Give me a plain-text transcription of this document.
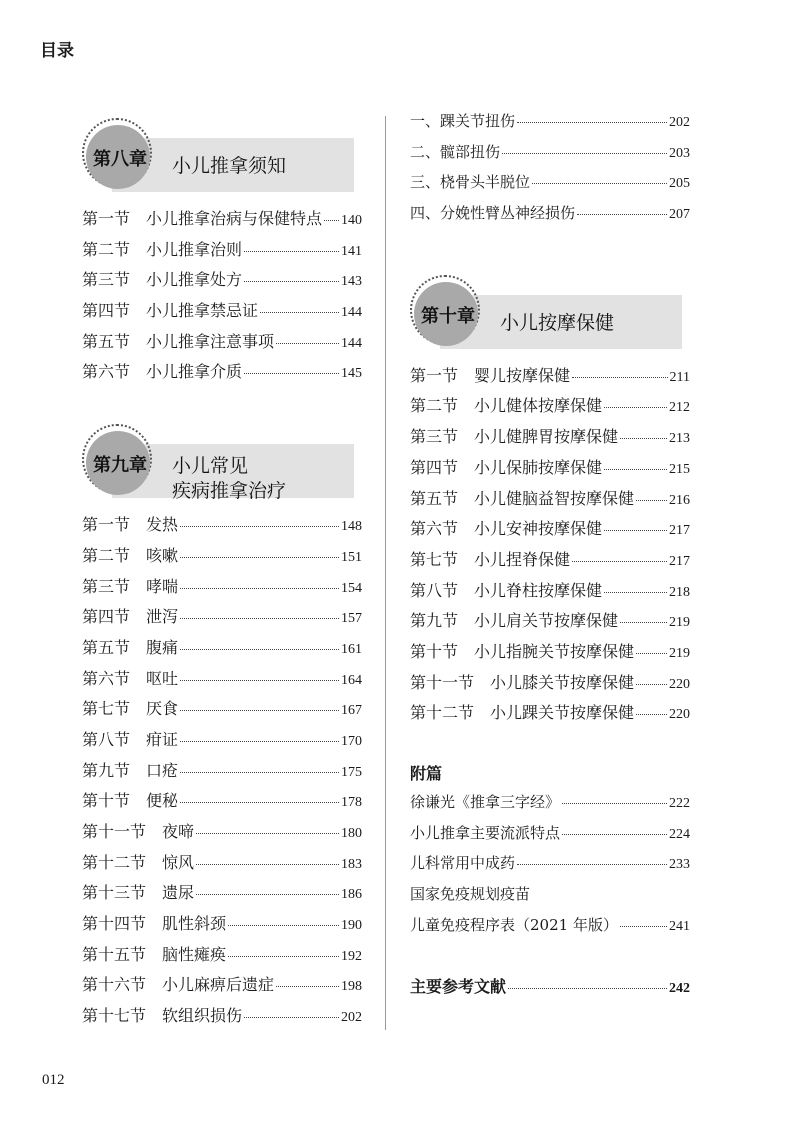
目录
第八章	小儿推拿须知
第一节 小儿推拿治病与保健特点 140
第二节 小儿推拿治则	141
第三节 小儿推拿处方	143
第四节 小儿推拿禁忌证	144
第五节 小儿推拿注意事项	144
第六节 小儿推拿介质	145
第九章	小儿常见
疾病推拿治疗
第一节 发热	148
第二节 咳嗽	151
第三节 哮喘	154
第四节 泄泻	157
第五节 腹痛	161
第六节 呕吐	164
第七节 厌食	167
第八节 疳证	170
第九节 口疮	175
第十节 便秘	178
第十一节 夜啼	180
第十二节 惊风	183
第十三节 遗尿	186
第十四节 肌性斜颈	190
第十五节 脑性瘫痪	192
第十六节 小儿麻痹后遗症	198
第十七节 软组织损伤	202
一、踝关节扭伤	202
二、髋部扭伤	203
三、桡骨头半脱位	205
四、分娩性臂丛神经损伤	207
第十章	小儿按摩保健
第一节 婴儿按摩保健	211
第二节 小儿健体按摩保健	212
第三节 小儿健脾胃按摩保健	213
第四节 小儿保肺按摩保健	215
第五节 小儿健脑益智按摩保健 216
第六节 小儿安神按摩保健	217
第七节 小儿捏脊保健	217
第八节 小儿脊柱按摩保健	218
第九节 小儿肩关节按摩保健	219
第十节 小儿指腕关节按摩保健 219
第十一节 小儿膝关节按摩保健 220
第十二节 小儿踝关节按摩保健 220
附篇
徐谦光《推拿三字经》	222
小儿推拿主要流派特点	224
儿科常用中成药	233
国家免疫规划疫苗
儿童免疫程序表（2021 年版）	241
主要参考文献	242
012
